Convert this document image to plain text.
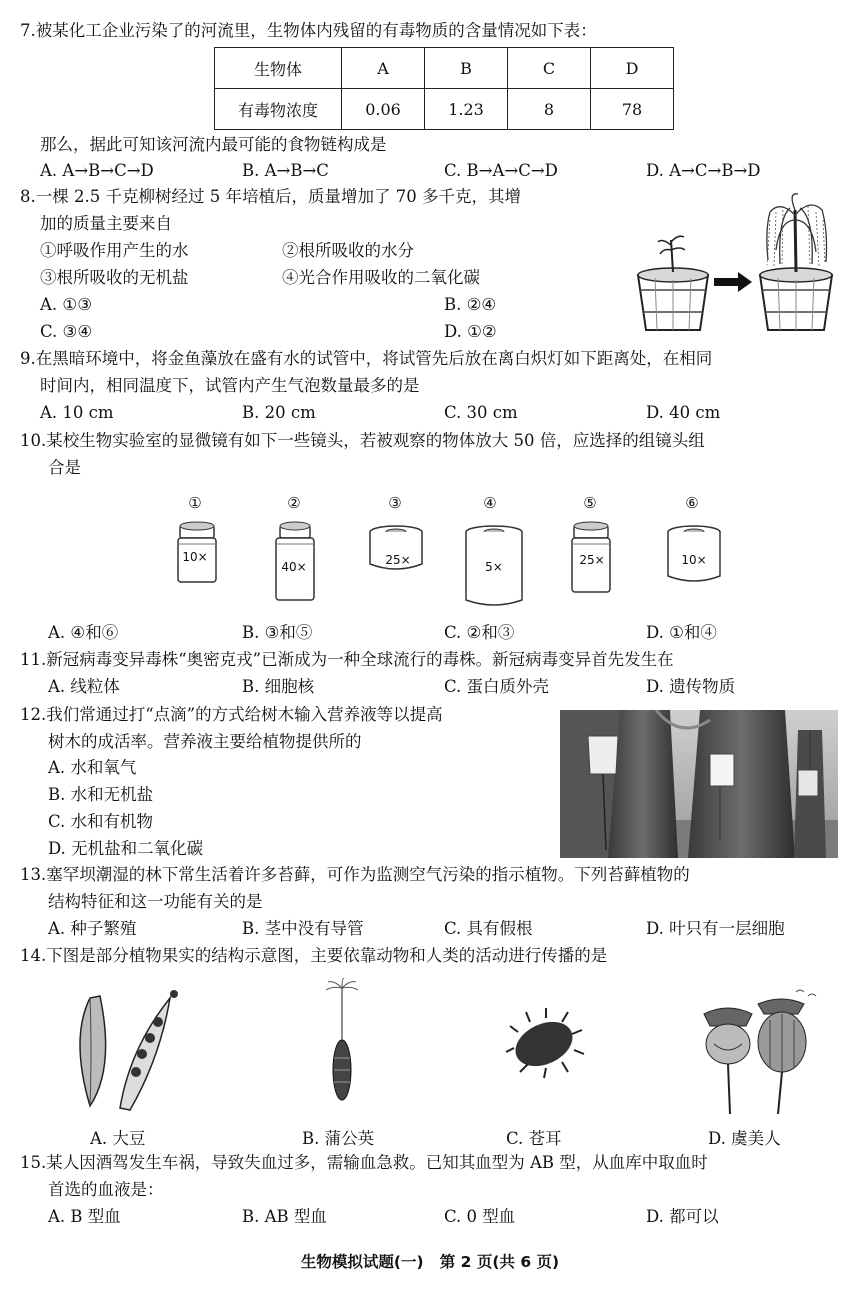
7.被某化工企业污染了的河流里，生物体内残留的有毒物质的含量情况如下表：
生物体	A	B	C	D
有毒物浓度	0.06	1.23	8	78
那么，据此可知该河流内最可能的食物链构成是
A. A→B→C→D	B. A→B→C	C. B→A→C→D	D. A→C→B→D
8.一棵 2.5 千克柳树经过 5 年培植后，质量增加了 70 多千克，其增
加的质量主要来自
①呼吸作用产生的水	②根所吸收的水分
③根所吸收的无机盐	④光合作用吸收的二氧化碳
A. ①③	B. ②④
C. ③④	D. ①②
9.在黑暗环境中，将金鱼藻放在盛有水的试管中，将试管先后放在离白炽灯如下距离处，在相同
时间内，相同温度下，试管内产生气泡数量最多的是
A. 10 cm	B. 20 cm	C. 30 cm	D. 40 cm
10.某校生物实验室的显微镜有如下一些镜头，若被观察的物体放大 50 倍，应选择的组镜头组
合是
①	②	③	④	⑤	⑥
10×
40×	25×	5×	25×	10×
A. ④和⑥	B. ③和⑤	C. ②和③	D. ①和④
11.新冠病毒变异毒株“奥密克戎”已渐成为一种全球流行的毒株。新冠病毒变异首先发生在
A. 线粒体	B. 细胞核	C. 蛋白质外壳	D. 遗传物质
12.我们常通过打“点滴”的方式给树木输入营养液等以提高
树木的成活率。营养液主要给植物提供所的
A. 水和氧气
B. 水和无机盐
C. 水和有机物
D. 无机盐和二氧化碳
13.塞罕坝潮湿的林下常生活着许多苔藓，可作为监测空气污染的指示植物。下列苔藓植物的
结构特征和这一功能有关的是
A. 种子繁殖	B. 茎中没有导管	C. 具有假根	D. 叶只有一层细胞
14.下图是部分植物果实的结构示意图，主要依靠动物和人类的活动进行传播的是
A. 大豆	B. 蒲公英	C. 苍耳	D. 虞美人
15.某人因酒驾发生车祸，导致失血过多，需输血急救。已知其血型为 AB 型，从血库中取血时
首选的血液是：
A. B 型血	B. AB 型血	C. 0 型血	D. 都可以
生物模拟试题(一)   第 2 页(共 6 页)
